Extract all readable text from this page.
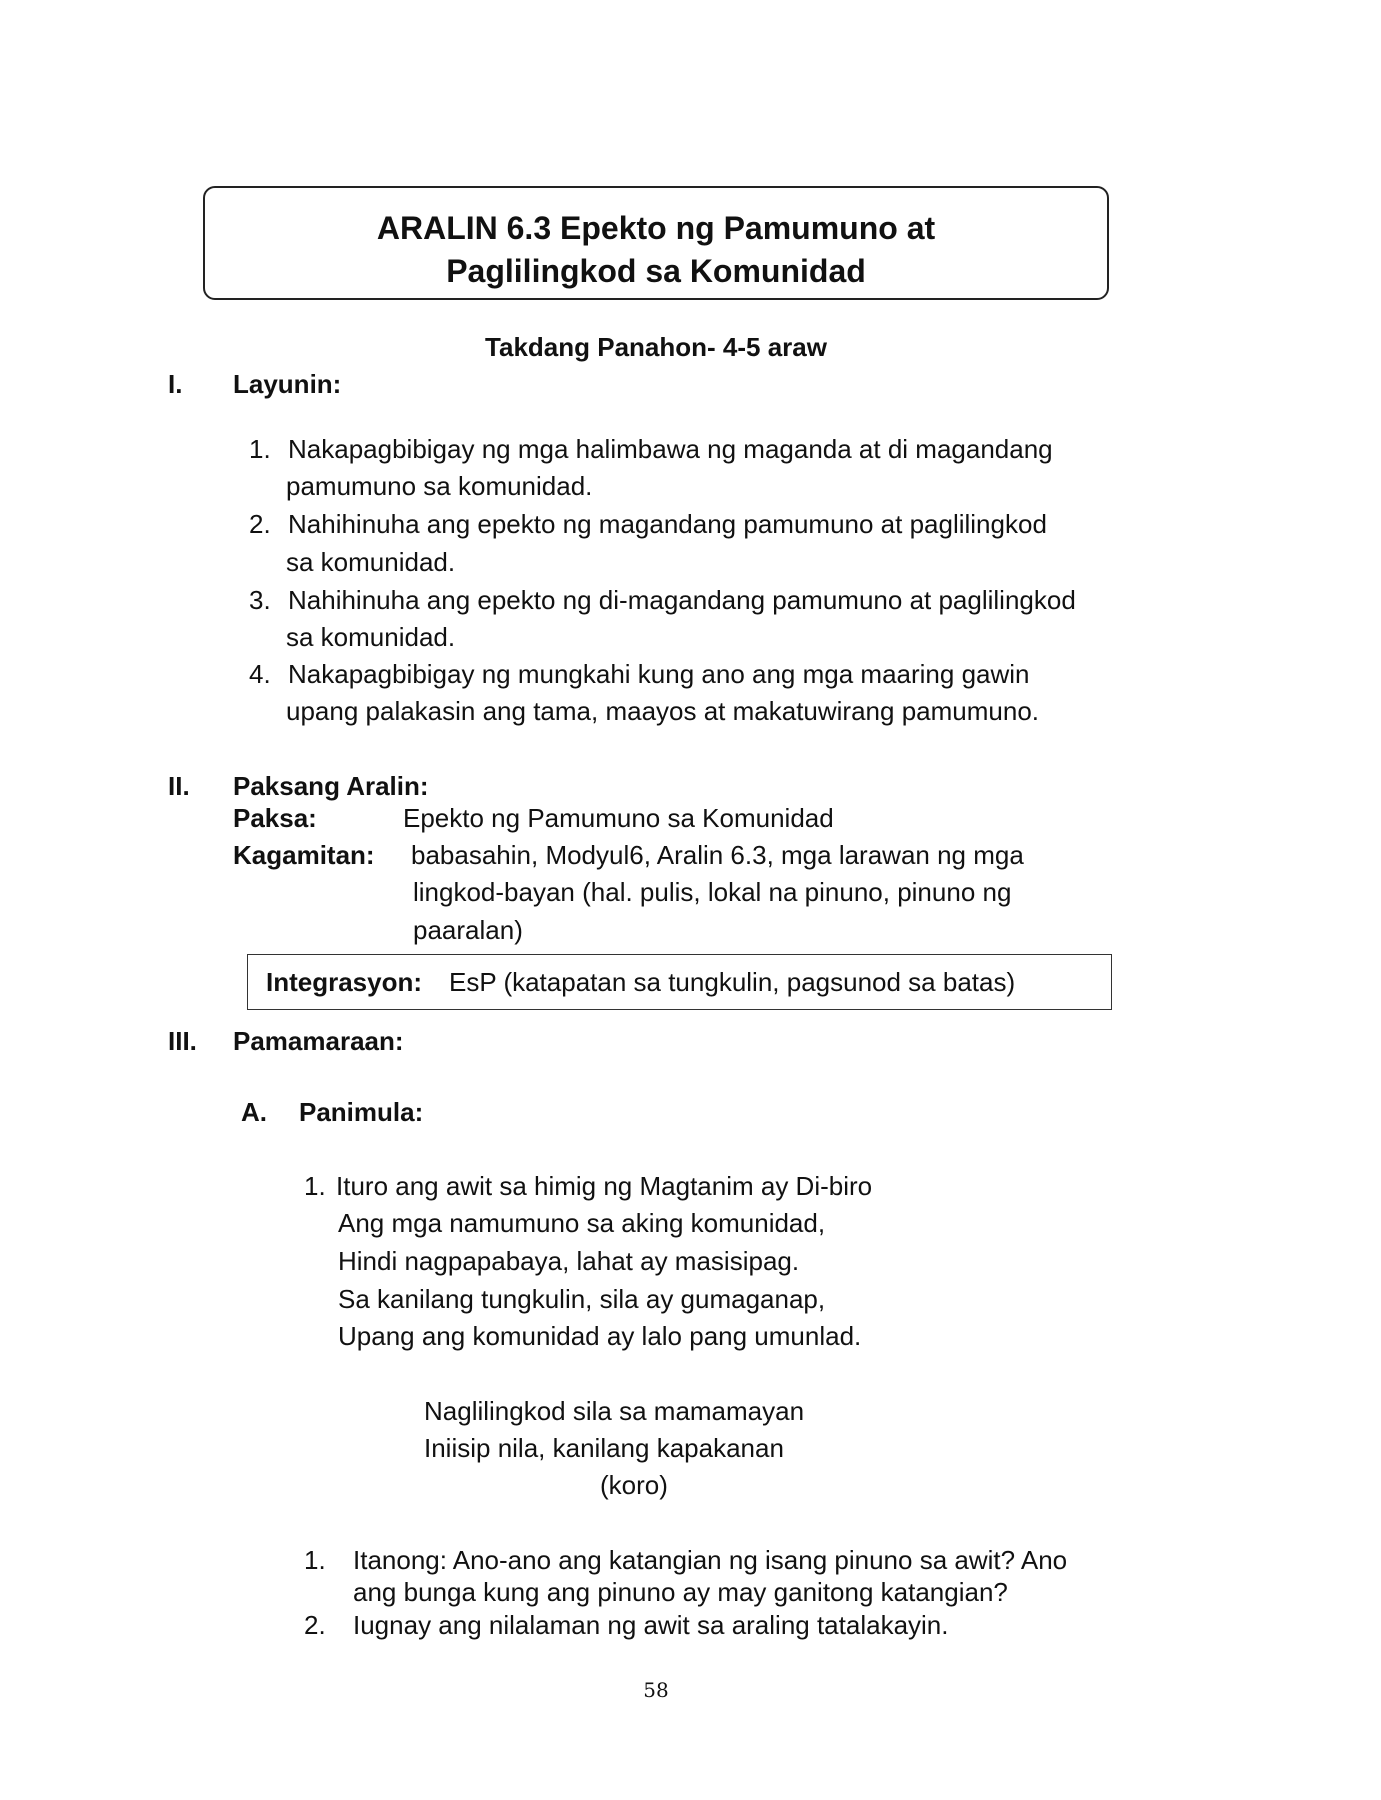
ARALIN 6.3 Epekto ng Pamumuno at
Paglilingkod sa Komunidad
Takdang Panahon- 4-5 araw
I. Layunin:
1. Nakapagbibigay ng mga halimbawa ng maganda at di magandang
pamumuno sa komunidad.
2. Nahihinuha ang epekto ng magandang pamumuno at paglilingkod
sa komunidad.
3. Nahihinuha ang epekto ng di-magandang pamumuno at paglilingkod
sa komunidad.
4. Nakapagbibigay ng mungkahi kung ano ang mga maaring gawin
upang palakasin ang tama, maayos at makatuwirang pamumuno.
II. Paksang Aralin:
Paksa:	Epekto ng Pamumuno sa Komunidad
Kagamitan: babasahin, Modyul6, Aralin 6.3, mga larawan ng mga
lingkod-bayan (hal. pulis, lokal na pinuno, pinuno ng
paaralan)
Integrasyon: EsP (katapatan sa tungkulin, pagsunod sa batas)
III. Pamamaraan:
A. Panimula:
1. Ituro ang awit sa himig ng Magtanim ay Di-biro
Ang mga namumuno sa aking komunidad,
Hindi nagpapabaya, lahat ay masisipag.
Sa kanilang tungkulin, sila ay gumaganap,
Upang ang komunidad ay lalo pang umunlad.
Naglilingkod sila sa mamamayan
Iniisip nila, kanilang kapakanan
(koro)
1. Itanong: Ano-ano ang katangian ng isang pinuno sa awit? Ano
ang bunga kung ang pinuno ay may ganitong katangian?
2. Iugnay ang nilalaman ng awit sa araling tatalakayin.
58
